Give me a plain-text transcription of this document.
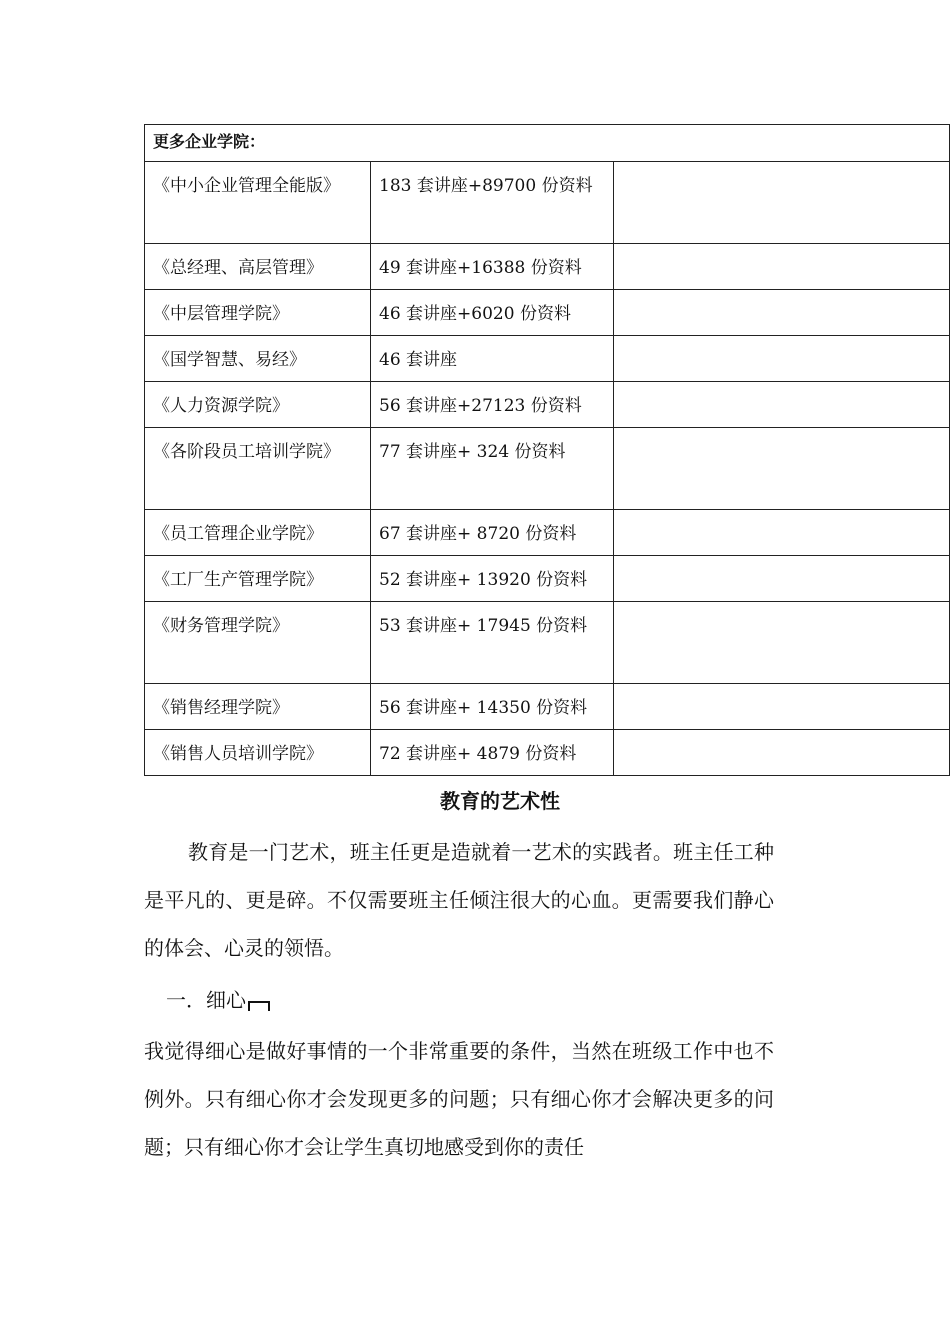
更多企业学院：		
《中小企业管理全能版》	183 套讲座+89700 份资料	
《总经理、高层管理》	49 套讲座+16388 份资料	
《中层管理学院》	46 套讲座+6020 份资料	
《国学智慧、易经》	46 套讲座	
《人力资源学院》	56 套讲座+27123 份资料	
《各阶段员工培训学院》	77 套讲座+ 324 份资料	
《员工管理企业学院》	67 套讲座+ 8720 份资料	
《工厂生产管理学院》	52 套讲座+ 13920 份资料	
《财务管理学院》	53 套讲座+ 17945 份资料	
《销售经理学院》	56 套讲座+ 14350 份资料	
《销售人员培训学院》	72 套讲座+ 4879 份资料	
教育的艺术性

教育是一门艺术，班主任更是造就着一艺术的实践者。班主任工种是平凡的、更是碎。不仅需要班主任倾注很大的心血。更需要我们静心的体会、心灵的领悟。

一．细心

我觉得细心是做好事情的一个非常重要的条件，当然在班级工作中也不例外。只有细心你才会发现更多的问题；只有细心你才会解决更多的问题；只有细心你才会让学生真切地感受到你的责任
